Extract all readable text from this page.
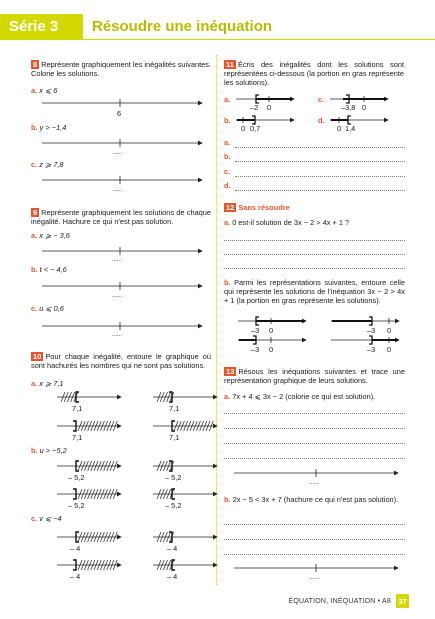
Série 3	Résoudre une inéquation
8 Représente graphiquement les inégalités suivantes. Colorie les solutions.
a. x ⩽ 6
b. y > −1,4
c. z ⩾ 7,8
9 Représente graphiquement les solutions de chaque inégalité. Hachure ce qui n'est pas solution.
a. x ⩾ − 3,6
b. t < − 4,6
c. u ⩽ 0,6
10 Pour chaque inégalité, entoure le graphique où sont hachurés les nombres qui ne sont pas solutions.
a. x ⩾ 7,1
b. u > −5,2
c. v ⩽ −4
6
......
......
......
......
......
7,1	7,1
7,1	7,1
– 5,2	– 5,2
– 5,2	– 5,2
– 4	– 4
– 4	– 4
11 Écris des inégalités dont les solutions sont représentées ci-dessous (la portion en gras représente les solutions).
a.	c.
b.	d.
–2 0	–3,8 0
0 0,7	0 1,4
a.
b.
c.
d.
12 Sans résoudre
a. 0 est-il solution de 3x − 2 > 4x + 1 ?
b. Parmi les représentations suivantes, entoure celle qui représente les solutions de l'inéquation 3x − 2 > 4x + 1 (la portion en gras représente les solutions).
–3 0	–3 0
–3 0	–3 0
13 Résous les inéquations suivantes et trace une représentation graphique de leurs solutions.
a. 7x + 4 ⩽ 3x − 2 (colorie ce qui est solution).
b. 2x − 5 < 3x + 7 (hachure ce qui n'est pas solution).
......
......
ÉQUATION, INÉQUATION • A8 37
